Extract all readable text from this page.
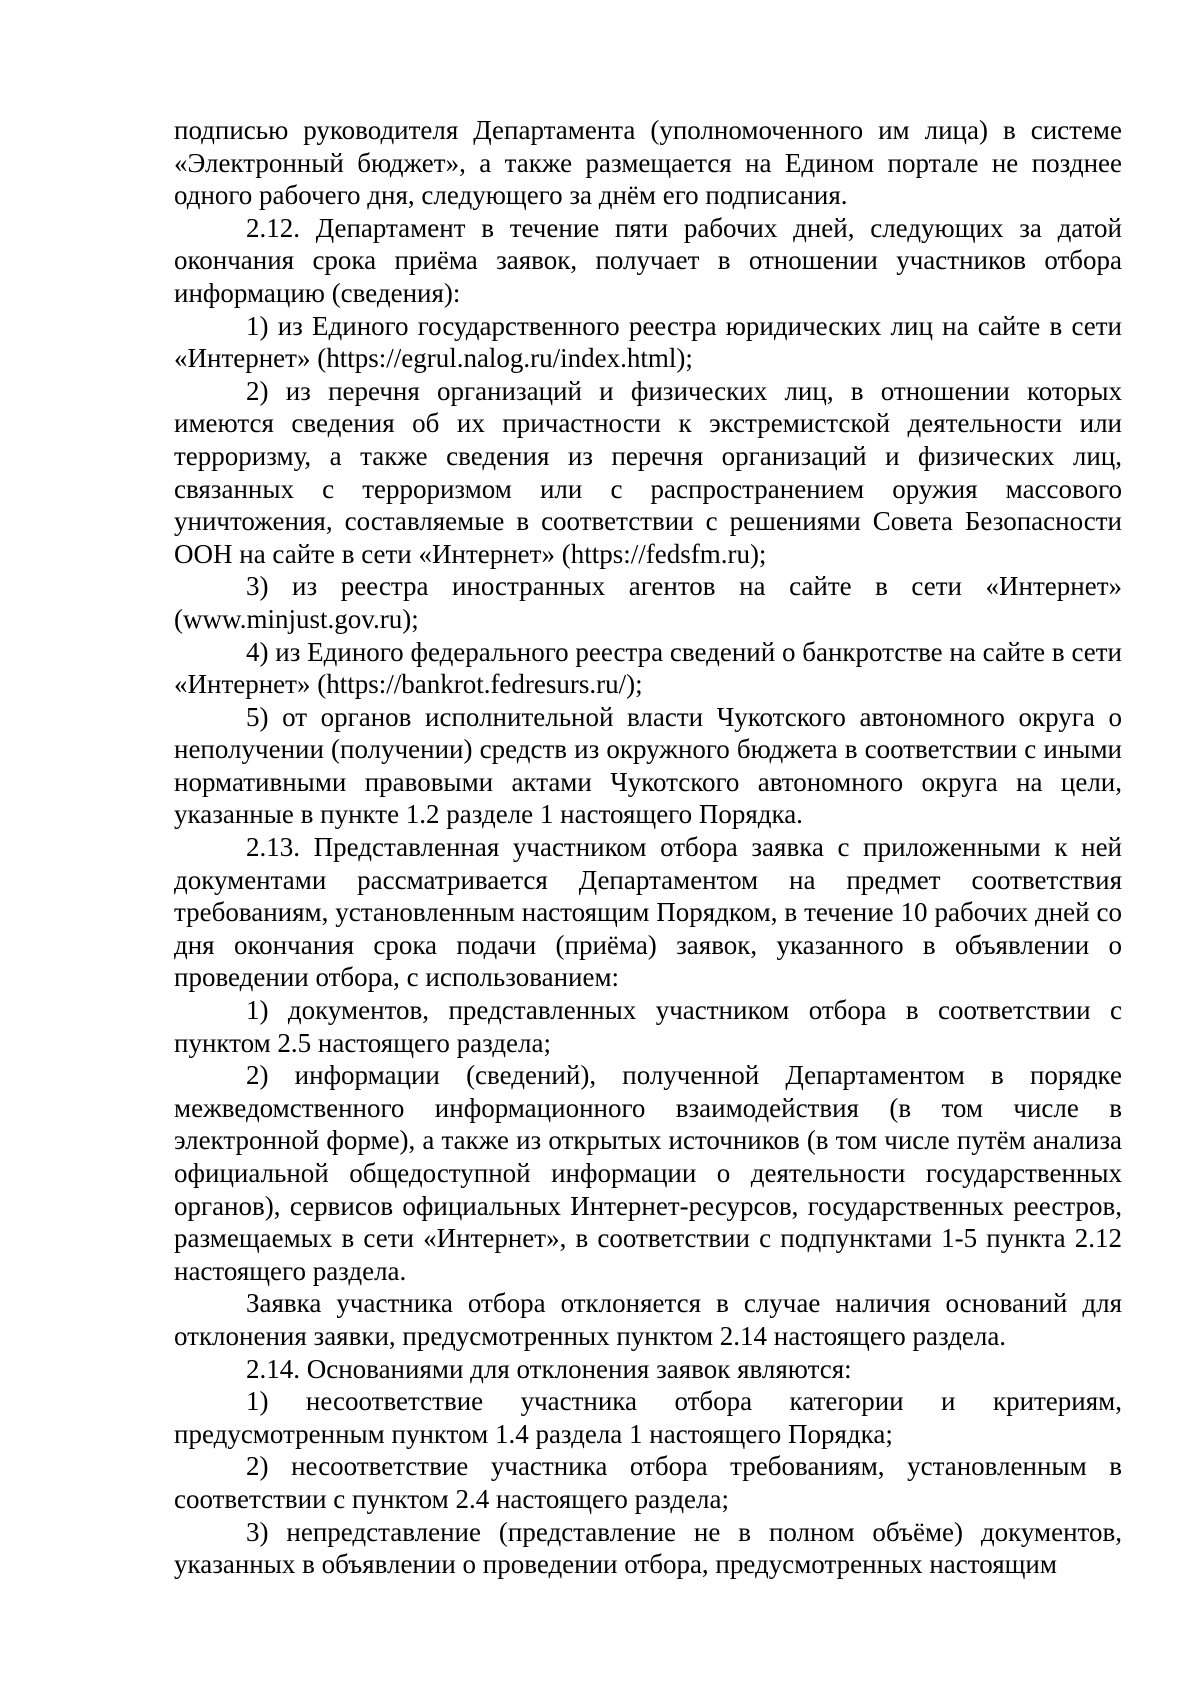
подписью руководителя Департамента (уполномоченного им лица) в системе «Электронный бюджет», а также размещается на Едином портале не позднее одного рабочего дня, следующего за днём его подписания.

2.12. Департамент в течение пяти рабочих дней, следующих за датой окончания срока приёма заявок, получает в отношении участников отбора информацию (сведения):

1) из Единого государственного реестра юридических лиц на сайте в сети «Интернет» (https://egrul.nalog.ru/index.html);

2) из перечня организаций и физических лиц, в отношении которых имеются сведения об их причастности к экстремистской деятельности или терроризму, а также сведения из перечня организаций и физических лиц, связанных с терроризмом или с распространением оружия массового уничтожения, составляемые в соответствии с решениями Совета Безопасности ООН на сайте в сети «Интернет» (https://fedsfm.ru);

3) из реестра иностранных агентов на сайте в сети «Интернет» (www.minjust.gov.ru);

4) из Единого федерального реестра сведений о банкротстве на сайте в сети «Интернет» (https://bankrot.fedresurs.ru/);

5) от органов исполнительной власти Чукотского автономного округа о неполучении (получении) средств из окружного бюджета в соответствии с иными нормативными правовыми актами Чукотского автономного округа на цели, указанные в пункте 1.2 разделе 1 настоящего Порядка.

2.13. Представленная участником отбора заявка с приложенными к ней документами рассматривается Департаментом на предмет соответствия требованиям, установленным настоящим Порядком, в течение 10 рабочих дней со дня окончания срока подачи (приёма) заявок, указанного в объявлении о проведении отбора, с использованием:

1) документов, представленных участником отбора в соответствии с пунктом 2.5 настоящего раздела;

2) информации (сведений), полученной Департаментом в порядке межведомственного информационного взаимодействия (в том числе в электронной форме), а также из открытых источников (в том числе путём анализа официальной общедоступной информации о деятельности государственных органов), сервисов официальных Интернет-ресурсов, государственных реестров, размещаемых в сети «Интернет», в соответствии с подпунктами 1-5 пункта 2.12 настоящего раздела.

Заявка участника отбора отклоняется в случае наличия оснований для отклонения заявки, предусмотренных пунктом 2.14 настоящего раздела.

2.14. Основаниями для отклонения заявок являются:

1) несоответствие участника отбора категории и критериям, предусмотренным пунктом 1.4 раздела 1 настоящего Порядка;

2) несоответствие участника отбора требованиям, установленным в соответствии с пунктом 2.4 настоящего раздела;

3) непредставление (представление не в полном объёме) документов, указанных в объявлении о проведении отбора, предусмотренных настоящим
